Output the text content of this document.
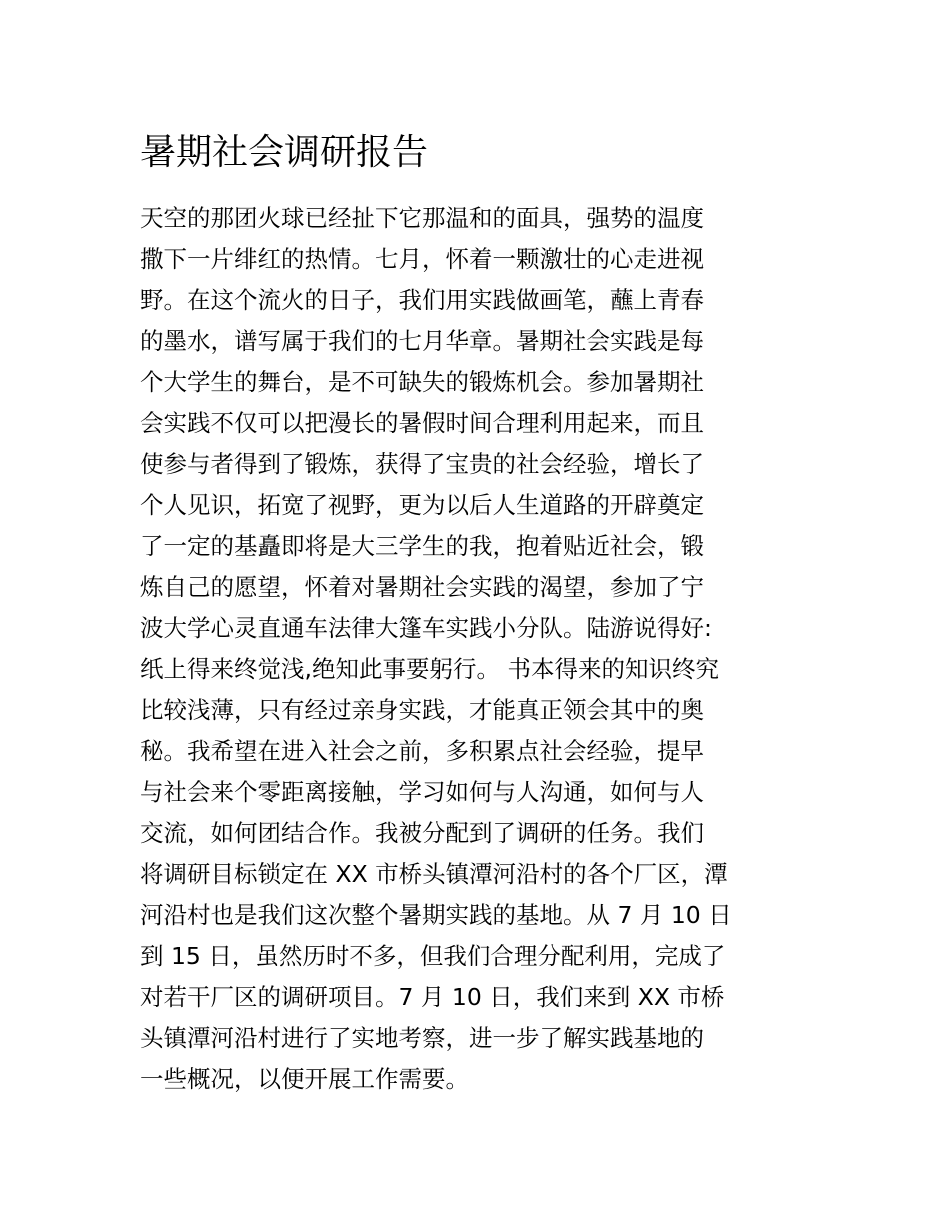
暑期社会调研报告
天空的那团火球已经扯下它那温和的面具，强势的温度
撒下一片绯红的热情。七月，怀着一颗激壮的心走进视
野。在这个流火的日子，我们用实践做画笔，蘸上青春
的墨水，谱写属于我们的七月华章。暑期社会实践是每
个大学生的舞台，是不可缺失的锻炼机会。参加暑期社
会实践不仅可以把漫长的暑假时间合理利用起来，而且
使参与者得到了锻炼，获得了宝贵的社会经验，增长了
个人见识，拓宽了视野，更为以后人生道路的开辟奠定
了一定的基矗即将是大三学生的我，抱着贴近社会，锻
炼自己的愿望，怀着对暑期社会实践的渴望，参加了宁
波大学心灵直通车法律大篷车实践小分队。陆游说得好:
纸上得来终觉浅,绝知此事要躬行。 书本得来的知识终究
比较浅薄，只有经过亲身实践，才能真正领会其中的奥
秘。我希望在进入社会之前，多积累点社会经验，提早
与社会来个零距离接触，学习如何与人沟通，如何与人
交流，如何团结合作。我被分配到了调研的任务。我们
将调研目标锁定在 XX 市桥头镇潭河沿村的各个厂区，潭
河沿村也是我们这次整个暑期实践的基地。从 7 月 10 日
到 15 日，虽然历时不多，但我们合理分配利用，完成了
对若干厂区的调研项目。7 月 10 日，我们来到 XX 市桥
头镇潭河沿村进行了实地考察，进一步了解实践基地的
一些概况，以便开展工作需要。
